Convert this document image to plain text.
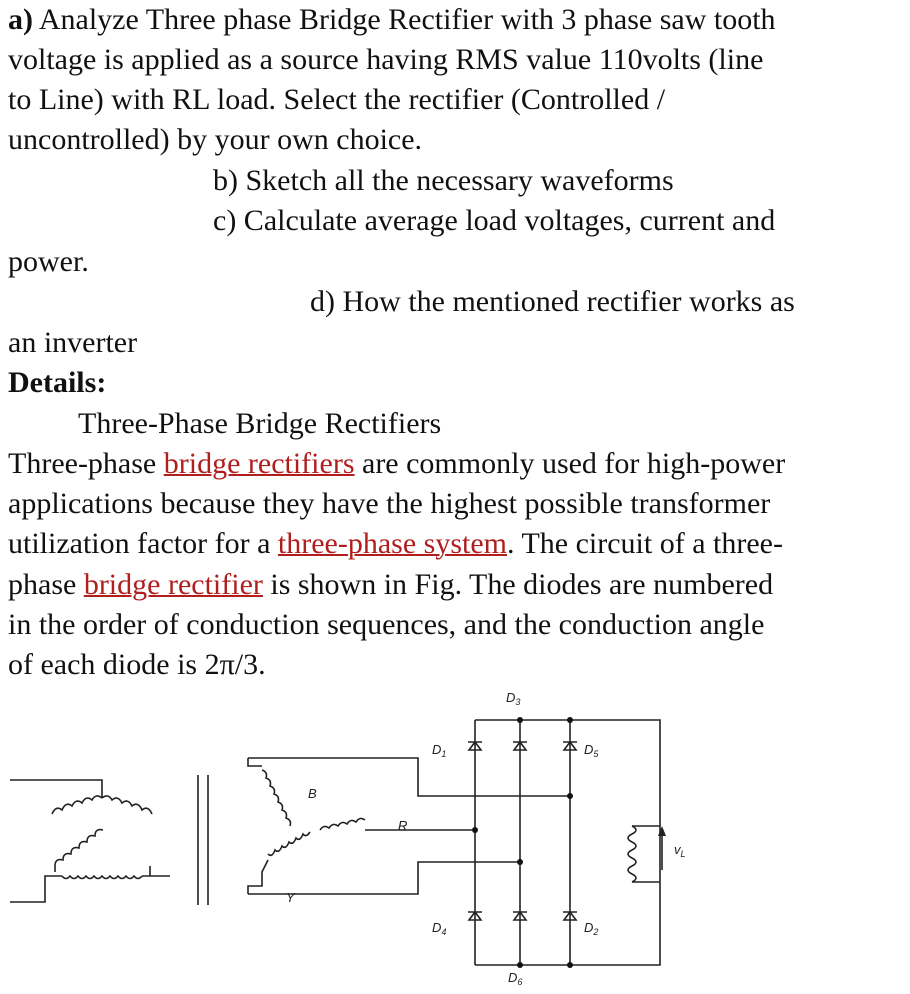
a) Analyze Three phase Bridge Rectifier with 3 phase saw tooth
voltage is applied as a source having RMS value 110volts (line
to Line) with RL load. Select the rectifier (Controlled /
uncontrolled) by your own choice.
b) Sketch all the necessary waveforms
c) Calculate average load voltages, current and
power.
d) How the mentioned rectifier works as
an inverter
Details:
Three-Phase Bridge Rectifiers
Three-phase bridge rectifiers are commonly used for high-power
applications because they have the highest possible transformer
utilization factor for a three-phase system. The circuit of a three-
phase bridge rectifier is shown in Fig. The diodes are numbered
in the order of conduction sequences, and the conduction angle
of each diode is 2π/3.
$D_3$
$D_1$	$D_5$
$D_4$	$D_2$
$D_6$
B
R
Y
$v_L$
